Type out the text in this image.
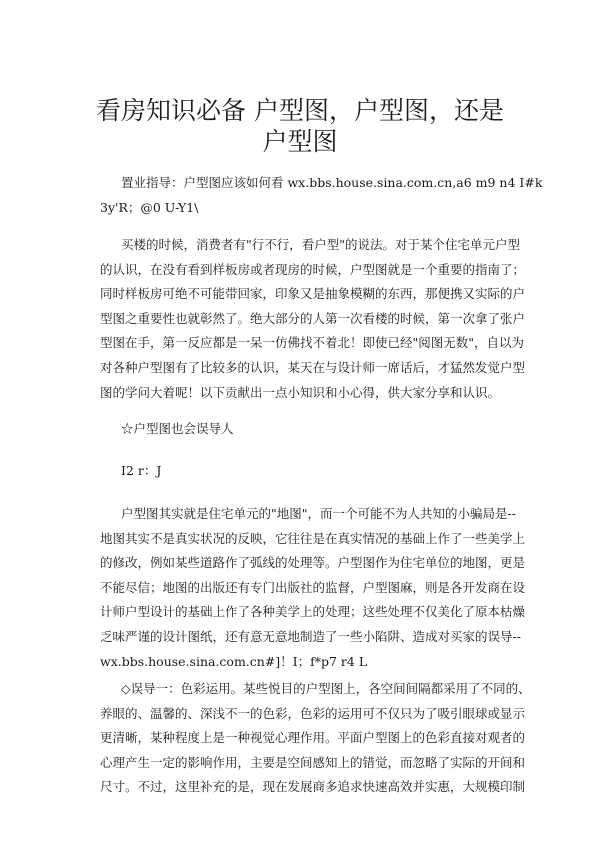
看房知识必备 户型图，户型图，还是
户型图
置业指导：户型图应该如何看 wx.bbs.house.sina.com.cn,a6 m9 n4 I#k
3y'R；@0 U-Y1\
买楼的时候，消费者有"行不行，看户型"的说法。对于某个住宅单元户型
的认识，在没有看到样板房或者现房的时候，户型图就是一个重要的指南了；
同时样板房可绝不可能带回家，印象又是抽象模糊的东西，那便携又实际的户
型图之重要性也就彰然了。绝大部分的人第一次看楼的时候，第一次拿了张户
型图在手，第一反应都是一呆一仿佛找不着北！即使已经"阅图无数"，自以为
对各种户型图有了比较多的认识，某天在与设计师一席话后，才猛然发觉户型
图的学问大着呢！以下贡献出一点小知识和小心得，供大家分享和认识。
☆户型图也会误导人
I2 r：J
户型图其实就是住宅单元的"地图"，而一个可能不为人共知的小骗局是--
地图其实不是真实状况的反映，它往往是在真实情况的基础上作了一些美学上
的修改，例如某些道路作了弧线的处理等。户型图作为住宅单位的地图，更是
不能尽信；地图的出版还有专门出版社的监督，户型图麻，则是各开发商在设
计师户型设计的基础上作了各种美学上的处理；这些处理不仅美化了原本枯燥
乏味严谨的设计图纸，还有意无意地制造了一些小陷阱、造成对买家的误导--
wx.bbs.house.sina.com.cn#]！I；f*p7 r4 L
◇误导一：色彩运用。某些悦目的户型图上，各空间间隔都采用了不同的、
养眼的、温馨的、深浅不一的色彩，色彩的运用可不仅只为了吸引眼球或显示
更清晰，某种程度上是一种视觉心理作用。平面户型图上的色彩直接对观者的
心理产生一定的影响作用，主要是空间感知上的错觉，而忽略了实际的开间和
尺寸。不过，这里补充的是，现在发展商多追求快速高效并实惠，大规模印制
